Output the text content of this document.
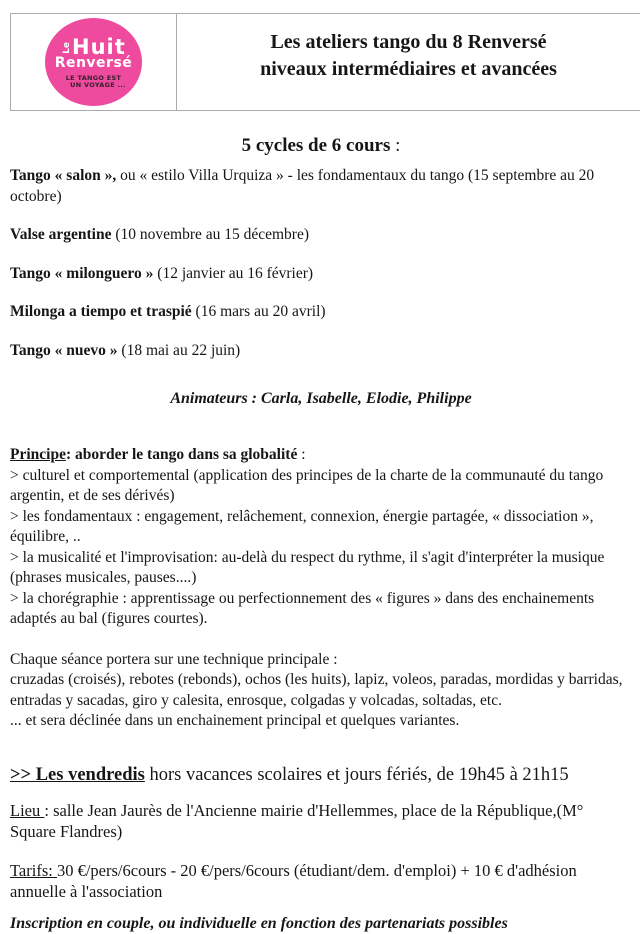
Le Huit
Renversé
LE TANGO EST
UN VOYAGE ...
Les ateliers tango du 8 Renversé
niveaux intermédiaires et avancées
5 cycles de 6 cours :

Tango « salon », ou « estilo Villa Urquiza » - les fondamentaux du tango (15 septembre au 20 octobre)

Valse argentine (10 novembre au 15 décembre)

Tango « milonguero » (12 janvier au 16 février)

Milonga a tiempo et traspié (16 mars au 20 avril)

Tango « nuevo » (18 mai au 22 juin)

Animateurs : Carla, Isabelle, Elodie, Philippe

Principe: aborder le tango dans sa globalité :

> culturel et comportemental (application des principes de la charte de la communauté du tango argentin, et de ses dérivés)
> les fondamentaux : engagement, relâchement, connexion, énergie partagée, « dissociation », équilibre, ..
> la musicalité et l'improvisation: au-delà du respect du rythme, il s'agit d'interpréter la musique (phrases musicales, pauses....)
> la chorégraphie : apprentissage ou perfectionnement des « figures » dans des enchainements adaptés au bal (figures courtes).
Chaque séance portera sur une technique principale :
cruzadas (croisés), rebotes (rebonds), ochos (les huits), lapiz, voleos, paradas, mordidas y barridas, entradas y sacadas, giro y calesita, enrosque, colgadas y volcadas, soltadas, etc.
... et sera déclinée dans un enchainement principal et quelques variantes.

>> Les vendredis hors vacances scolaires et jours fériés, de 19h45 à 21h15

Lieu : salle Jean Jaurès de l'Ancienne mairie d'Hellemmes, place de la République,(M° Square Flandres)

Tarifs: 30 €/pers/6cours - 20 €/pers/6cours (étudiant/dem. d'emploi) + 10 € d'adhésion annuelle à l'association

Inscription en couple, ou individuelle en fonction des partenariats possibles
